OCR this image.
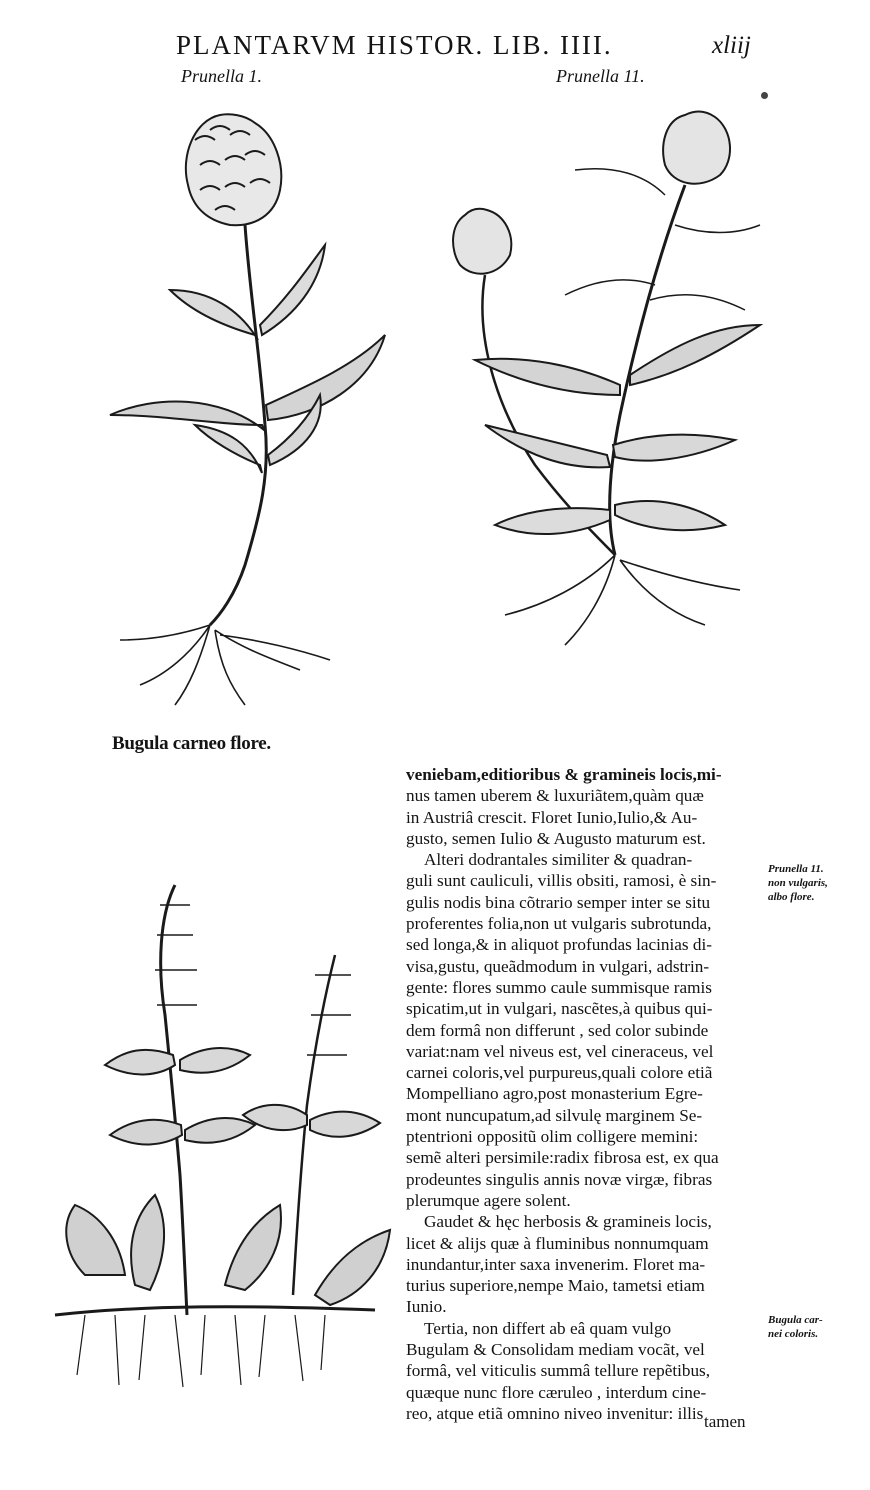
PLANTARVM HISTOR. LIB. IIII.	xliij
Prunella 1.	Prunella 11.
Bugula carneo flore.
veniebam,editioribus & gramineis locis,mi-
nus tamen uberem & luxuriãtem,quàm quæ
in Austriâ crescit. Floret Iunio,Iulio,& Au-
gusto, semen Iulio & Augusto maturum est.
Alteri dodrantales similiter & quadran-
guli sunt cauliculi, villis obsiti, ramosi, è sin-
gulis nodis bina cõtrario semper inter se situ
proferentes folia,non ut vulgaris subrotunda,
sed longa,& in aliquot profundas lacinias di-
visa,gustu, queãdmodum in vulgari, adstrin-
gente: flores summo caule summisque ramis
spicatim,ut in vulgari, nascẽtes,à quibus qui-
dem formâ non differunt , sed color subinde
variat:nam vel niveus est, vel cineraceus, vel
carnei coloris,vel purpureus,quali colore etiã
Mompelliano agro,post monasterium Egre-
mont nuncupatum,ad silvulę marginem Se-
ptentrioni oppositũ olim colligere memini:
semẽ alteri persimile:radix fibrosa est, ex qua
prodeuntes singulis annis novæ virgæ, fibras
plerumque agere solent.
Gaudet & hęc herbosis & gramineis locis,
licet & alijs quæ à fluminibus nonnumquam
inundantur,inter saxa invenerim. Floret ma-
turius superiore,nempe Maio, tametsi etiam
Iunio.
Tertia, non differt ab eâ quam vulgo
Bugulam & Consolidam mediam vocãt, vel
formâ, vel viticulis summâ tellure repẽtibus,
quæque nunc flore cæruleo , interdum cine-
reo, atque etiã omnino niveo invenitur: illis tamen
Prunella 11.
non vulgaris,
albo flore.
Bugula car-
nei coloris.
